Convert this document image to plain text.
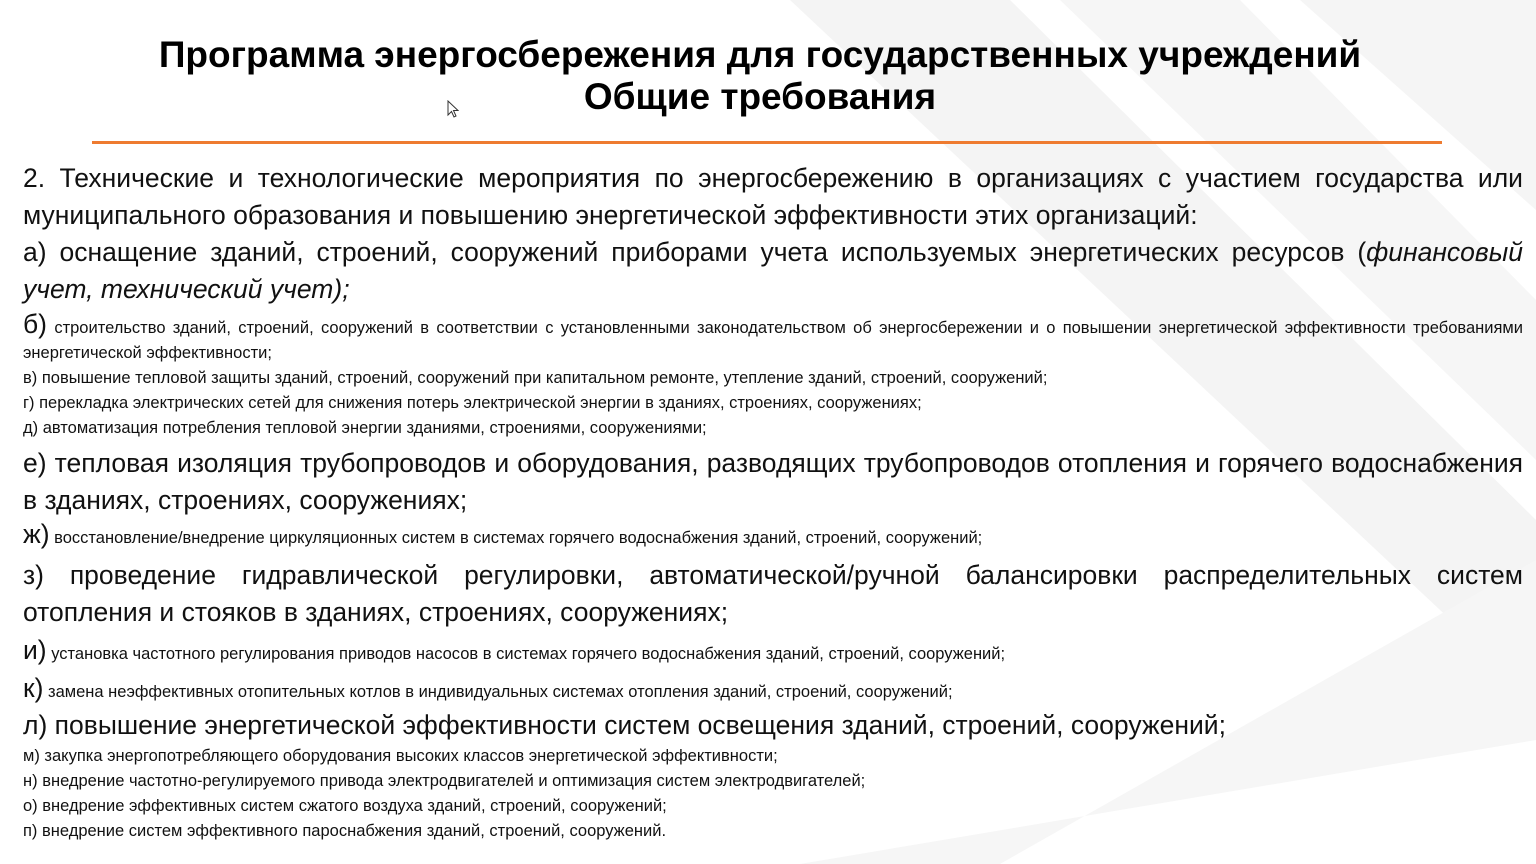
Программа энергосбережения для государственных учреждений
Общие требования

2. Технические и технологические мероприятия по энергосбережению в организациях с участием государства или муниципального образования и повышению энергетической эффективности этих организаций:

а) оснащение зданий, строений, сооружений приборами учета используемых энергетических ресурсов (финансовый учет, технический учет);

б) строительство зданий, строений, сооружений в соответствии с установленными законодательством об энергосбережении и о повышении энергетической эффективности требованиями энергетической эффективности;

в) повышение тепловой защиты зданий, строений, сооружений при капитальном ремонте, утепление зданий, строений, сооружений;

г) перекладка электрических сетей для снижения потерь электрической энергии в зданиях, строениях, сооружениях;

д) автоматизация потребления тепловой энергии зданиями, строениями, сооружениями;

е) тепловая изоляция трубопроводов и оборудования, разводящих трубопроводов отопления и горячего водоснабжения в зданиях, строениях, сооружениях;

ж) восстановление/внедрение циркуляционных систем в системах горячего водоснабжения зданий, строений, сооружений;

з) проведение гидравлической регулировки, автоматической/ручной балансировки распределительных систем отопления и стояков в зданиях, строениях, сооружениях;

и) установка частотного регулирования приводов насосов в системах горячего водоснабжения зданий, строений, сооружений;

к) замена неэффективных отопительных котлов в индивидуальных системах отопления зданий, строений, сооружений;

л) повышение энергетической эффективности систем освещения зданий, строений, сооружений;

м) закупка энергопотребляющего оборудования высоких классов энергетической эффективности;

н) внедрение частотно-регулируемого привода электродвигателей и оптимизация систем электродвигателей;

о) внедрение эффективных систем сжатого воздуха зданий, строений, сооружений;

п) внедрение систем эффективного пароснабжения зданий, строений, сооружений.
